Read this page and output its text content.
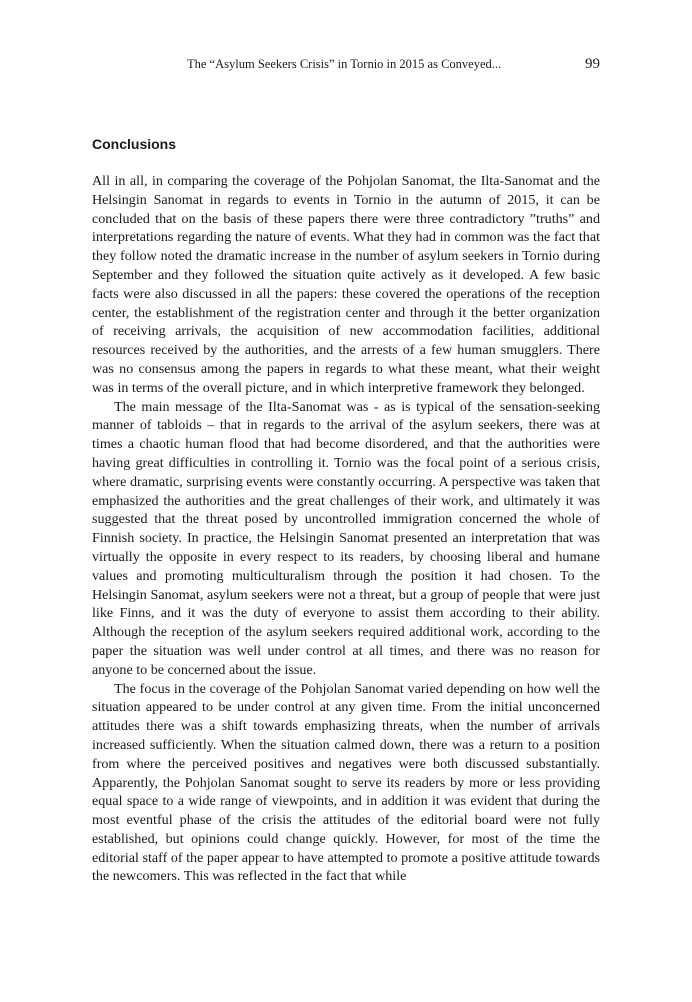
The “Asylum Seekers Crisis” in Tornio in 2015 as Conveyed...	99
Conclusions

All in all, in comparing the coverage of the Pohjolan Sanomat, the Ilta-Sanomat and the Helsingin Sanomat in regards to events in Tornio in the autumn of 2015, it can be concluded that on the basis of these papers there were three contradictory ”truths” and interpretations regarding the nature of events. What they had in common was the fact that they follow noted the dramatic increase in the number of asylum seekers in Tornio during September and they followed the situation quite actively as it developed. A few basic facts were also discussed in all the papers: these covered the operations of the reception center, the establishment of the registration center and through it the better organization of receiving arrivals, the acquisition of new accommodation facilities, additional resources received by the authorities, and the arrests of a few human smugglers. There was no consensus among the papers in regards to what these meant, what their weight was in terms of the overall picture, and in which interpretive framework they belonged.

The main message of the Ilta-Sanomat was - as is typical of the sensation-seeking manner of tabloids – that in regards to the arrival of the asylum seekers, there was at times a chaotic human flood that had become disordered, and that the authorities were having great difficulties in controlling it. Tornio was the focal point of a serious crisis, where dramatic, surprising events were constantly occurring. A perspective was taken that emphasized the authorities and the great challenges of their work, and ultimately it was suggested that the threat posed by uncontrolled immigration concerned the whole of Finnish society. In practice, the Helsingin Sanomat presented an interpretation that was virtually the opposite in every respect to its readers, by choosing liberal and humane values and promoting multiculturalism through the position it had chosen. To the Helsingin Sanomat, asylum seekers were not a threat, but a group of people that were just like Finns, and it was the duty of everyone to assist them according to their ability. Although the reception of the asylum seekers required additional work, according to the paper the situation was well under control at all times, and there was no reason for anyone to be concerned about the issue.

The focus in the coverage of the Pohjolan Sanomat varied depending on how well the situation appeared to be under control at any given time. From the initial unconcerned attitudes there was a shift towards emphasizing threats, when the number of arrivals increased sufficiently. When the situation calmed down, there was a return to a position from where the perceived positives and negatives were both discussed substantially. Apparently, the Pohjolan Sanomat sought to serve its readers by more or less providing equal space to a wide range of viewpoints, and in addition it was evident that during the most eventful phase of the crisis the attitudes of the editorial board were not fully established, but opinions could change quickly. However, for most of the time the editorial staff of the paper appear to have attempted to promote a positive attitude towards the newcomers. This was reflected in the fact that while
